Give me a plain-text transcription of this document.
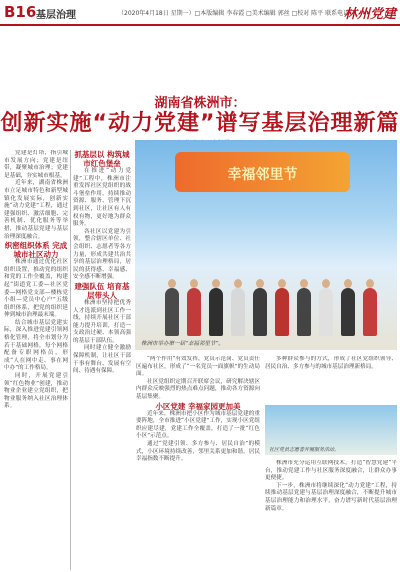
B16 基层治理	（2020年4月18日 星期一）□本版编辑 李春霞 □美术编辑 郭丝 □校对 陈平 联系电话：
林州党建
湖南省株洲市：
创新实施“动力党建”谱写基层治理新篇

党建是灯塔，指引城市发展方向；党建是纽带，凝聚城市治理；党建是基础，夯实城市根基。

近年来，湖南省株洲市立足城市特色和新型城镇化发展实际，创新实施“动力党建”工程，通过建强组织、激活细胞、完善机制、优化服务等举措，推动基层党建与基层治理深度融合。

织密组织体系 完成城市社区动力

株洲市通过优化社区组织设置，推动党的组织和党的工作全覆盖，构建起“街道党工委—社区党委—网格党支部—楼栋党小组—党员中心户”五级组织体系，把党的组织延伸到城市治理最末端。

结合城市基层党建实际，深入推进党建引领网格化管理，将全市划分为若干基础网格，每个网格配备专职网格员，形成“人在网中走、事在网中办”的工作格局。

同时，开展党建引领“红色物业”创建，推动物业企业建立党组织，把物业服务纳入社区治理体系。

抓基层以 构筑城市红色堡垒

在推进“动力党建”工程中，株洲市注重发挥社区党组织的战斗堡垒作用，持续推动资源、服务、管理下沉到社区，让社区有人有权有物，更好地为群众服务。

各社区以党建为引领，整合辖区单位、社会组织、志愿者等各方力量，形成共建共治共享的基层治理格局，居民的获得感、幸福感、安全感不断增强。

建强队伍 培育基层带头人

株洲市坚持把优秀人才选派到社区工作一线，持续开展社区干部能力提升培训，打造一支政治过硬、本领高强的基层干部队伍。

同时建立健全激励保障机制，让社区干部干事有舞台、发展有空间、待遇有保障。

幸福邻里节
株洲市举办第一届“幸福邻里节”。

“两个作用”有效发挥，党员示范岗、党员责任区遍布社区，形成了“一名党员一面旗帜”的生动局面。

社区党组织定期召开联席会议，研究解决辖区内群众反映强烈的热点难点问题，推动各方资源向基层集聚。

小区党建 幸福家园更加美

近年来，株洲市把小区作为城市基层党建的重要阵地，全市推进“小区党建”工作，实现小区党组织应建尽建，党建工作全覆盖，打造了一批“红色小区”示范点。

通过“党建引领、多方参与、居民自治”的模式，小区环境持续改善，邻里关系更加和谐，居民幸福指数不断提升。

社区党员志愿者开展服务活动。

多种群众参与的方式，形成了社区党组织领导、居民自治、多方参与的城市基层治理新格局。

株洲市充分运用互联网技术，打造“智慧党建”平台，推动党建工作与社区服务深度融合，让群众办事更便捷。

下一步，株洲市将继续深化“动力党建”工程，持续推动基层党建与基层治理深度融合，不断提升城市基层治理能力和治理水平，奋力谱写新时代基层治理新篇章。
